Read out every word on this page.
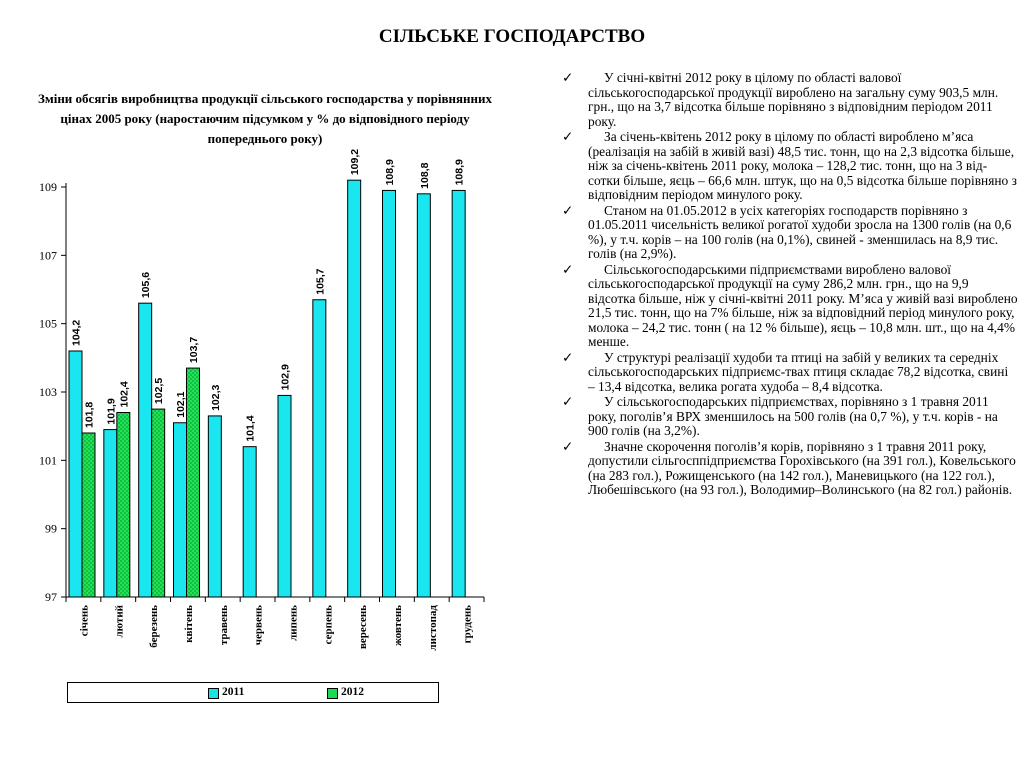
СІЛЬСЬКЕ ГОСПОДАРСТВО
Зміни обсягів виробництва продукції сільського господарства у порівнянних цінах 2005 року (наростаючим підсумком у % до відповідного періоду попереднього року)
97
99
101
103
105
107
109
січень лютий березень квітень травень червень липень серпень вересень жовтень листопад грудень
104,2
101,9
105,6
102,1 102,3
101,4
102,9
105,7
109,2 108,9 108,8 108,9
101,8
102,4 102,5
103,7
2011	2012
✓	У січні-квітні 2012 року в цілому по області валової сільськогосподарської продукції вироблено на загальну суму 903,5 млн. грн., що на 3,7 відсотка більше порівняно з відповідним періодом 2011 року.
✓	За січень-квітень 2012 року в цілому по області вироблено м’яса (реалізація на забій в живій вазі) 48,5 тис. тонн, що на 2,3 відсотка більше, ніж за січень-квітень 2011 року, молока – 128,2 тис. тонн, що на 3 від-сотки більше, яєць – 66,6 млн. штук, що на 0,5 відсотка більше порівняно з відповідним періодом минулого року.
✓	Станом на 01.05.2012 в усіх категоріях господарств порівняно з 01.05.2011 чисельність великої рогатої худоби зросла на 1300 голів (на 0,6 %), у т.ч. корів – на 100 голів (на 0,1%), свиней - зменшилась на 8,9 тис. голів (на 2,9%).
✓	Сільськогосподарськими підприємствами вироблено валової сільськогосподарської продукції на суму 286,2 млн. грн., що на 9,9 відсотка більше, ніж у січні-квітні 2011 року. М’яса у живій вазі вироблено 21,5 тис. тонн, що на 7% більше, ніж за відповідний період минулого року, молока – 24,2 тис. тонн ( на 12 % більше), яєць – 10,8 млн. шт., що на 4,4% менше.
✓	У структурі реалізації худоби та птиці на забій у великих та середніх сільськогосподарських підприємс-твах птиця складає 78,2 відсотка, свині – 13,4 відсотка, велика рогата худоба – 8,4 відсотка.
✓	У сільськогосподарських підприємствах, порівняно з 1 травня 2011 року, поголів’я ВРХ зменшилось на 500 голів (на 0,7 %), у т.ч. корів - на 900 голів (на 3,2%).
✓	Значне скорочення поголів’я корів, порівняно з 1 травня 2011 року, допустили сільгосппідприємства Горохівського (на 391 гол.), Ковельського (на 283 гол.), Рожищенського (на 142 гол.), Маневицького (на 122 гол.), Любешівського (на 93 гол.), Володимир–Волинського (на 82 гол.) районів.
